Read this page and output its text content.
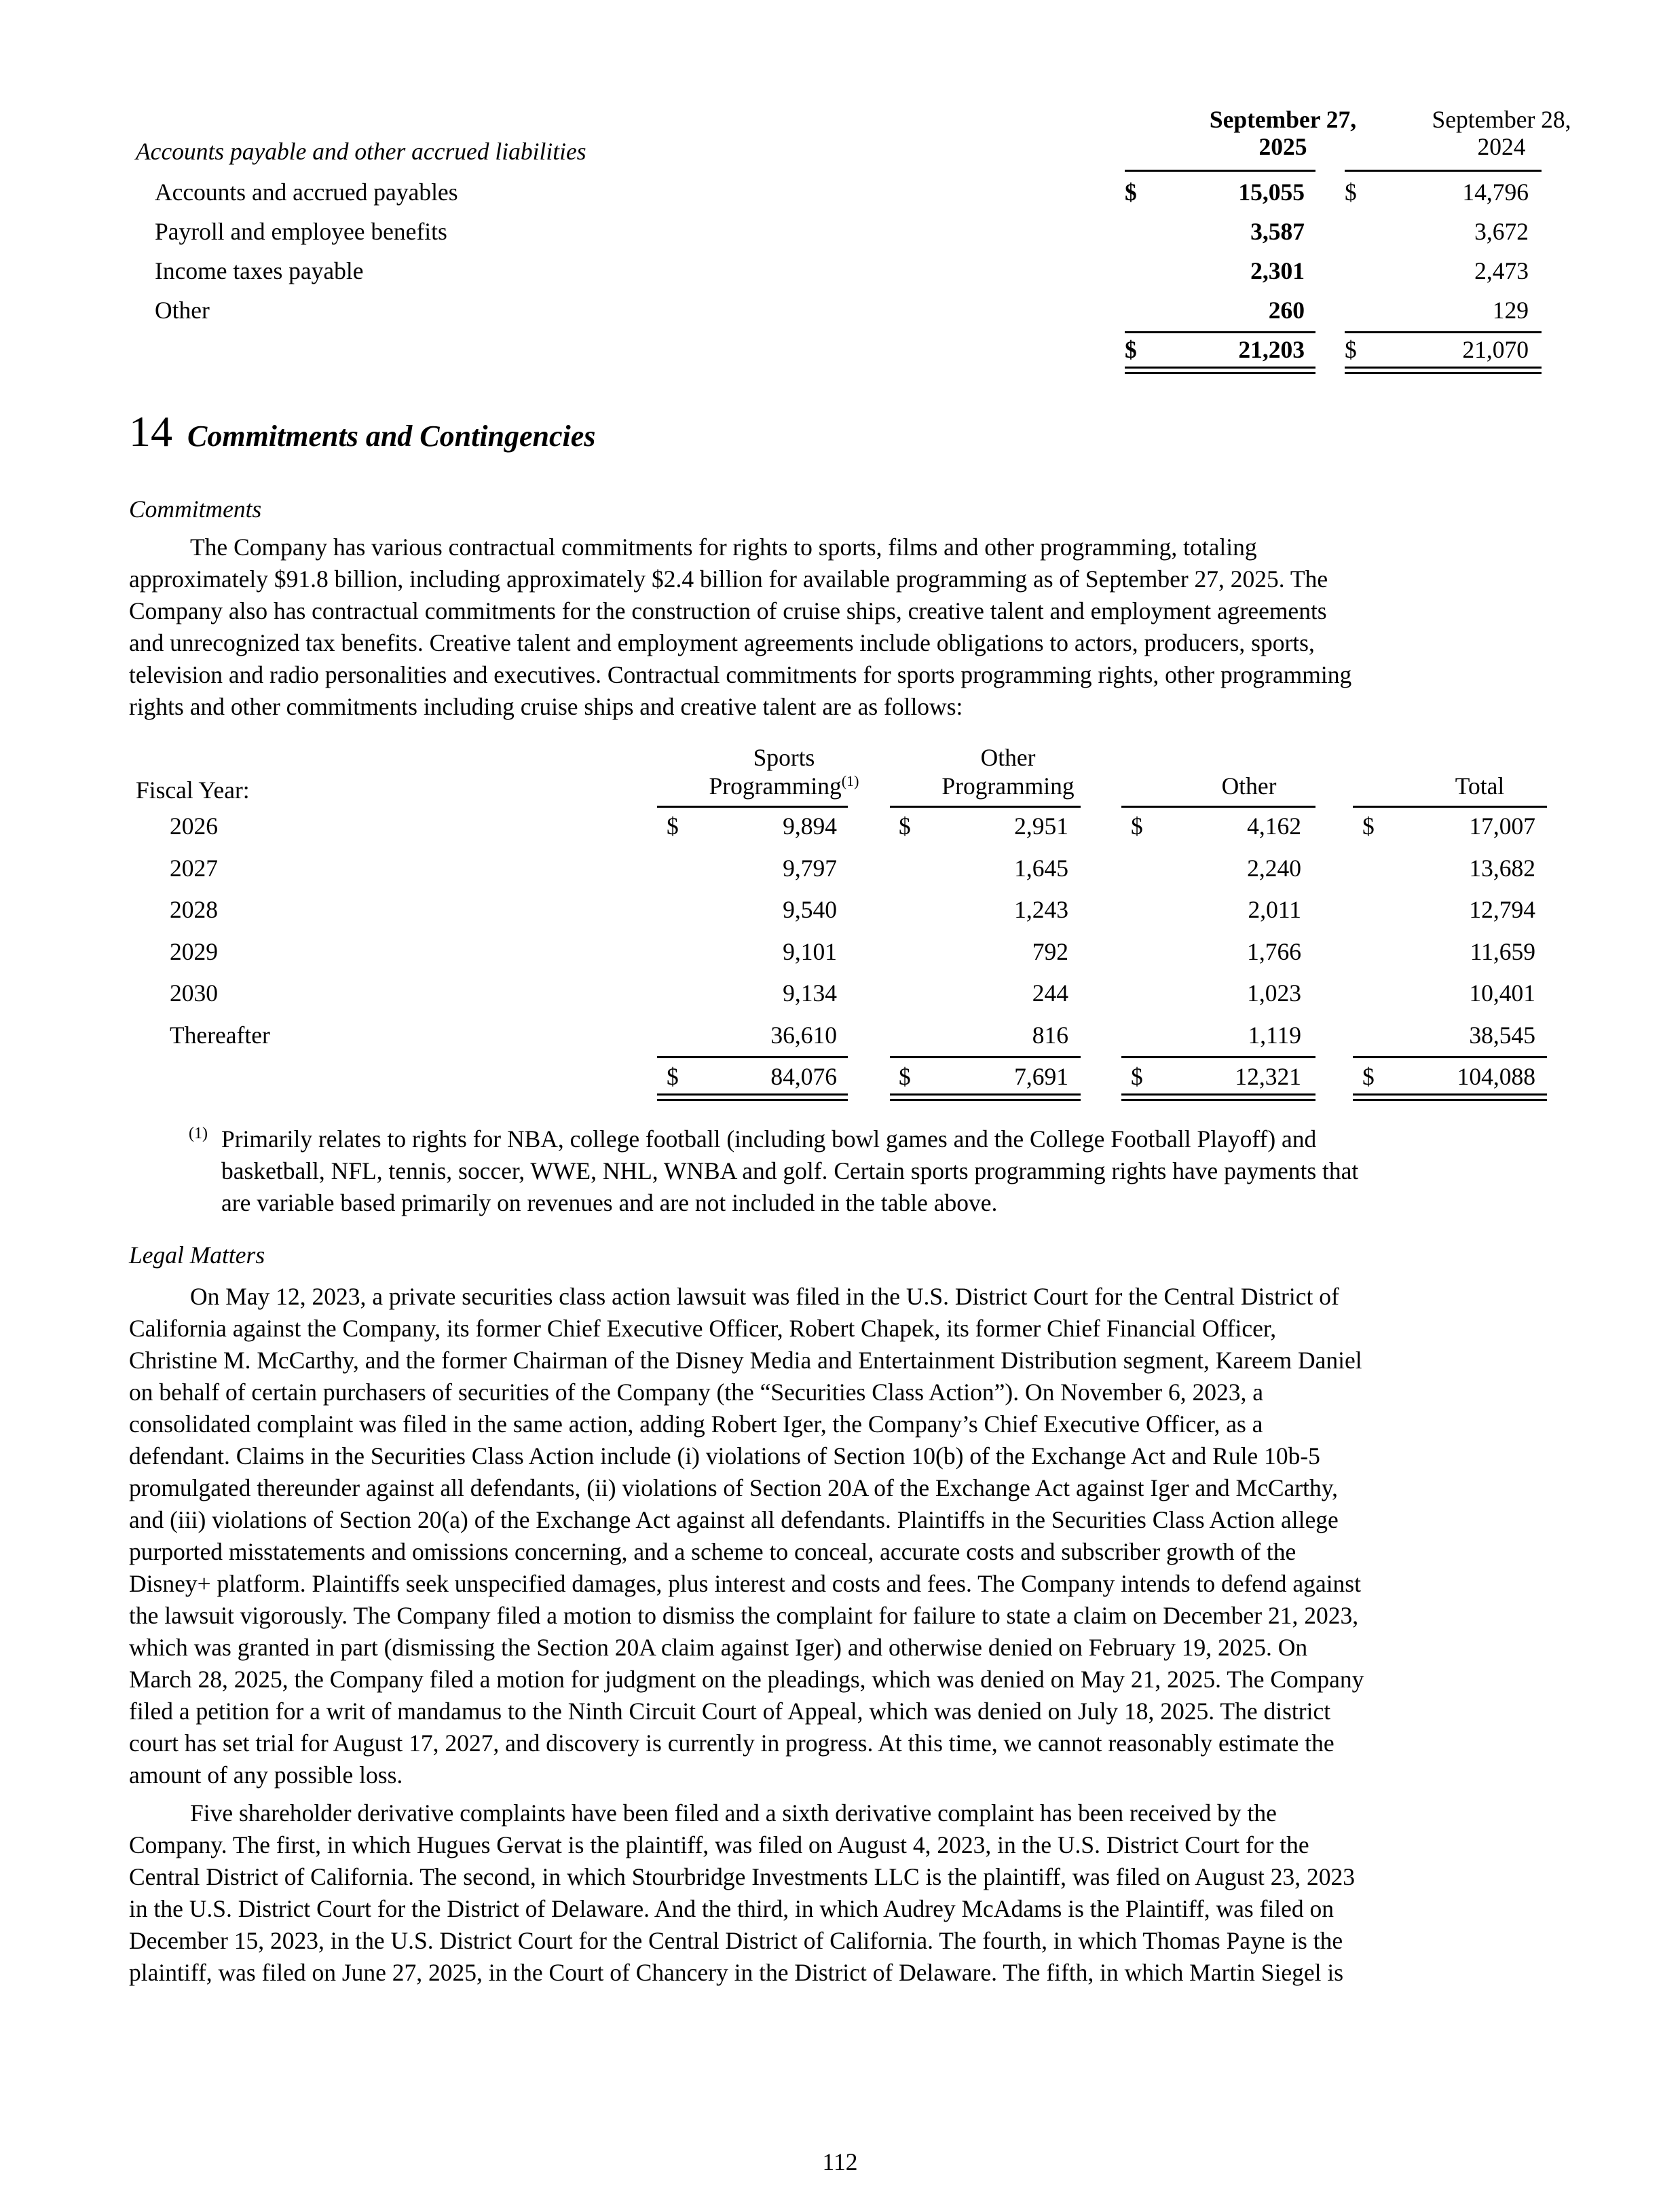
Accounts payable and other accrued liabilities
September 27,
2025
September 28,
2024
Accounts and accrued payables	$	15,055 $	14,796
Payroll and employee benefits	3,587	3,672
Income taxes payable	2,301	2,473
Other	260	129
$	21,203 $	21,070
14 Commitments and Contingencies
Commitments
The Company has various contractual commitments for rights to sports, films and other programming, totaling
approximately $91.8 billion, including approximately $2.4 billion for available programming as of September 27, 2025. The
Company also has contractual commitments for the construction of cruise ships, creative talent and employment agreements
and unrecognized tax benefits. Creative talent and employment agreements include obligations to actors, producers, sports,
television and radio personalities and executives. Contractual commitments for sports programming rights, other programming
rights and other commitments including cruise ships and creative talent are as follows:
Fiscal Year:
Sports
Programming$^{(1)}$
Other
Programming
	Other
	Total
2026	$	9,894	$	2,951	$	4,162	$	17,007
2027	9,797	1,645	2,240	13,682
2028	9,540	1,243	2,011	12,794
2029	9,101	792	1,766	11,659
2030	9,134	244	1,023	10,401
Thereafter	36,610	816	1,119	38,545
$	84,076	$	7,691	$	12,321	$	104,088
(1) Primarily relates to rights for NBA, college football (including bowl games and the College Football Playoff) and
basketball, NFL, tennis, soccer, WWE, NHL, WNBA and golf. Certain sports programming rights have payments that
are variable based primarily on revenues and are not included in the table above.
Legal Matters
On May 12, 2023, a private securities class action lawsuit was filed in the U.S. District Court for the Central District of
California against the Company, its former Chief Executive Officer, Robert Chapek, its former Chief Financial Officer,
Christine M. McCarthy, and the former Chairman of the Disney Media and Entertainment Distribution segment, Kareem Daniel
on behalf of certain purchasers of securities of the Company (the “Securities Class Action”). On November 6, 2023, a
consolidated complaint was filed in the same action, adding Robert Iger, the Company’s Chief Executive Officer, as a
defendant. Claims in the Securities Class Action include (i) violations of Section 10(b) of the Exchange Act and Rule 10b-5
promulgated thereunder against all defendants, (ii) violations of Section 20A of the Exchange Act against Iger and McCarthy,
and (iii) violations of Section 20(a) of the Exchange Act against all defendants. Plaintiffs in the Securities Class Action allege
purported misstatements and omissions concerning, and a scheme to conceal, accurate costs and subscriber growth of the
Disney+ platform. Plaintiffs seek unspecified damages, plus interest and costs and fees. The Company intends to defend against
the lawsuit vigorously. The Company filed a motion to dismiss the complaint for failure to state a claim on December 21, 2023,
which was granted in part (dismissing the Section 20A claim against Iger) and otherwise denied on February 19, 2025. On
March 28, 2025, the Company filed a motion for judgment on the pleadings, which was denied on May 21, 2025. The Company
filed a petition for a writ of mandamus to the Ninth Circuit Court of Appeal, which was denied on July 18, 2025. The district
court has set trial for August 17, 2027, and discovery is currently in progress. At this time, we cannot reasonably estimate the
amount of any possible loss.
Five shareholder derivative complaints have been filed and a sixth derivative complaint has been received by the
Company. The first, in which Hugues Gervat is the plaintiff, was filed on August 4, 2023, in the U.S. District Court for the
Central District of California. The second, in which Stourbridge Investments LLC is the plaintiff, was filed on August 23, 2023
in the U.S. District Court for the District of Delaware. And the third, in which Audrey McAdams is the Plaintiff, was filed on
December 15, 2023, in the U.S. District Court for the Central District of California. The fourth, in which Thomas Payne is the
plaintiff, was filed on June 27, 2025, in the Court of Chancery in the District of Delaware. The fifth, in which Martin Siegel is
112
